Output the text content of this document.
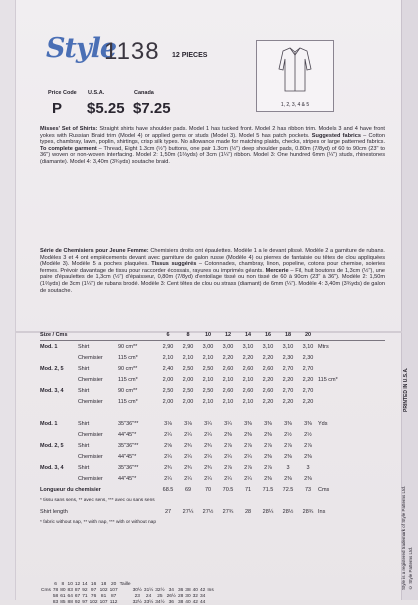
Style
1138 12 PIECES
Price Code U.S.A.	Canada
P $5.25 $7.25	1, 2, 3, 4 & 5
Misses' Set of Shirts: Straight shirts have shoulder pads. Model 1 has tucked front. Model 2 has ribbon trim. Models 3 and 4 have front yokes with Russian Braid trim (Model 4) or applied gems or studs (Model 3). Model 5 has patch pockets. Suggested fabrics – Cotton types, chambray, lawn, poplin, shirtings, crisp silk types. No allowance made for matching plaids, checks, stripes or large patterned fabrics. To complete garment – Thread, Eight 1.3cm (½") buttons, one pair 1.3cm (½") deep shoulder pads, 0.80m (7/8yd) of 60 to 90cm (23" to 36") woven or non-woven interfacing. Model 2: 1,50m (1⅔yds) of 3cm (1¼") ribbon. Model 3: One hundred 6mm (¼") studs, rhinestones (diamante). Model 4: 3,40m (3¾yds) soutache braid.
Série de Chemisiers pour Jeune Femme: Chemisiers droits ont épaulettes. Modèle 1 a le devant plissé. Modèle 2 a garniture de rubans. Modèles 3 et 4 ont empiècements devant avec garniture de galon russe (Modèle 4) ou pierres de fantaisie ou têtes de clou appliquées (Modèle 3). Modèle 5 a poches plaquées. Tissus suggérés – Cotonnades, chambray, linon, popeline, cotons pour chemise, soieries fermes. Prévoir davantage de tissu pour raccorder écossais, rayures ou imprimés géants. Mercerie – Fil, huit boutons de 1,3cm (½"), une paire d'épaulettes de 1,3cm (½") d'épaisseur, 0,80m (7/8yd) d'entoilage tissé ou non tissé de 60 à 90cm (23" à 36"). Modèle 2: 1,50m (1⅔yds) de 3cm (1¼") de rubans brodé. Modèle 3: Cent têtes de clou ou strass (diamant) de 6mm (¼"). Modèle 4: 3,40m (3¾yds) de galon de soutache.
Size / Cms			6	8	10	12	14	16	18	20	
Mod. 1	Shirt	90 cm**	2,90	2,90	3,00	3,00	3,10	3,10	3,10	3,10	Mtrs
	Chemisier	115 cm*	2,10	2,10	2,10	2,20	2,20	2,20	2,30	2,30	
Mod. 2, 5	Shirt	90 cm**	2,40	2,50	2,50	2,60	2,60	2,60	2,70	2,70	
	Chemisier	115 cm*	2,00	2,00	2,10	2,10	2,10	2,20	2,20	2,20	115 cm*
Mod. 3, 4	Shirt	90 cm**	2,50	2,50	2,50	2,60	2,60	2,60	2,70	2,70	
	Chemisier	115 cm*	2,00	2,00	2,10	2,10	2,10	2,20	2,20	2,20	

Mod. 1	Shirt	35"36"**	3⅛	3⅛	3¼	3¼	3⅜	3⅜	3⅜	3⅜	Yds
	Chemisier	44"45"*	2¼	2¼	2¼	2⅜	2⅜	2⅜	2½	2½	
Mod. 2, 5	Shirt	35"36"**	2⅝	2¾	2¾	2⅞	2⅞	2⅞	2⅞	2⅞	
	Chemisier	44"45"*	2¼	2¼	2¼	2¼	2¼	2⅜	2⅜	2⅜	
Mod. 3, 4	Shirt	35"36"**	2¾	2¾	2¾	2⅞	2⅞	2⅞	3	3	
	Chemisier	44"45"*	2¼	2¼	2¼	2¼	2¼	2⅜	2⅜	2⅜	
Longueur du chemisier			68.5	69	70	70.5	71	71.5	72.5	73	Cms
* tissu sans sens, ** avec sens, *** avec ou sans sens											
Shirt length			27	27¼	27½	27¾	28	28¼	28½	28¾	Ins
* fabric without nap, ** with nap, *** with or without nap											
	6	8	10	12	14	16	18	20	Taille									
Cms	78	80	83	87	92	97	102	107		30½	31½	32½	34	36	38	40	42	Ins
	58	61	64	67	71	76	81	87		23	24	25	26½	28	30	32	34	
	83	85	88	92	97	102	107	112		32½	33½	34½	36	38	40	42	44	
PRINTED IN U.S.A.
Style is a registered trademark of Style Patterns Ltd. © Style Patterns Ltd.
